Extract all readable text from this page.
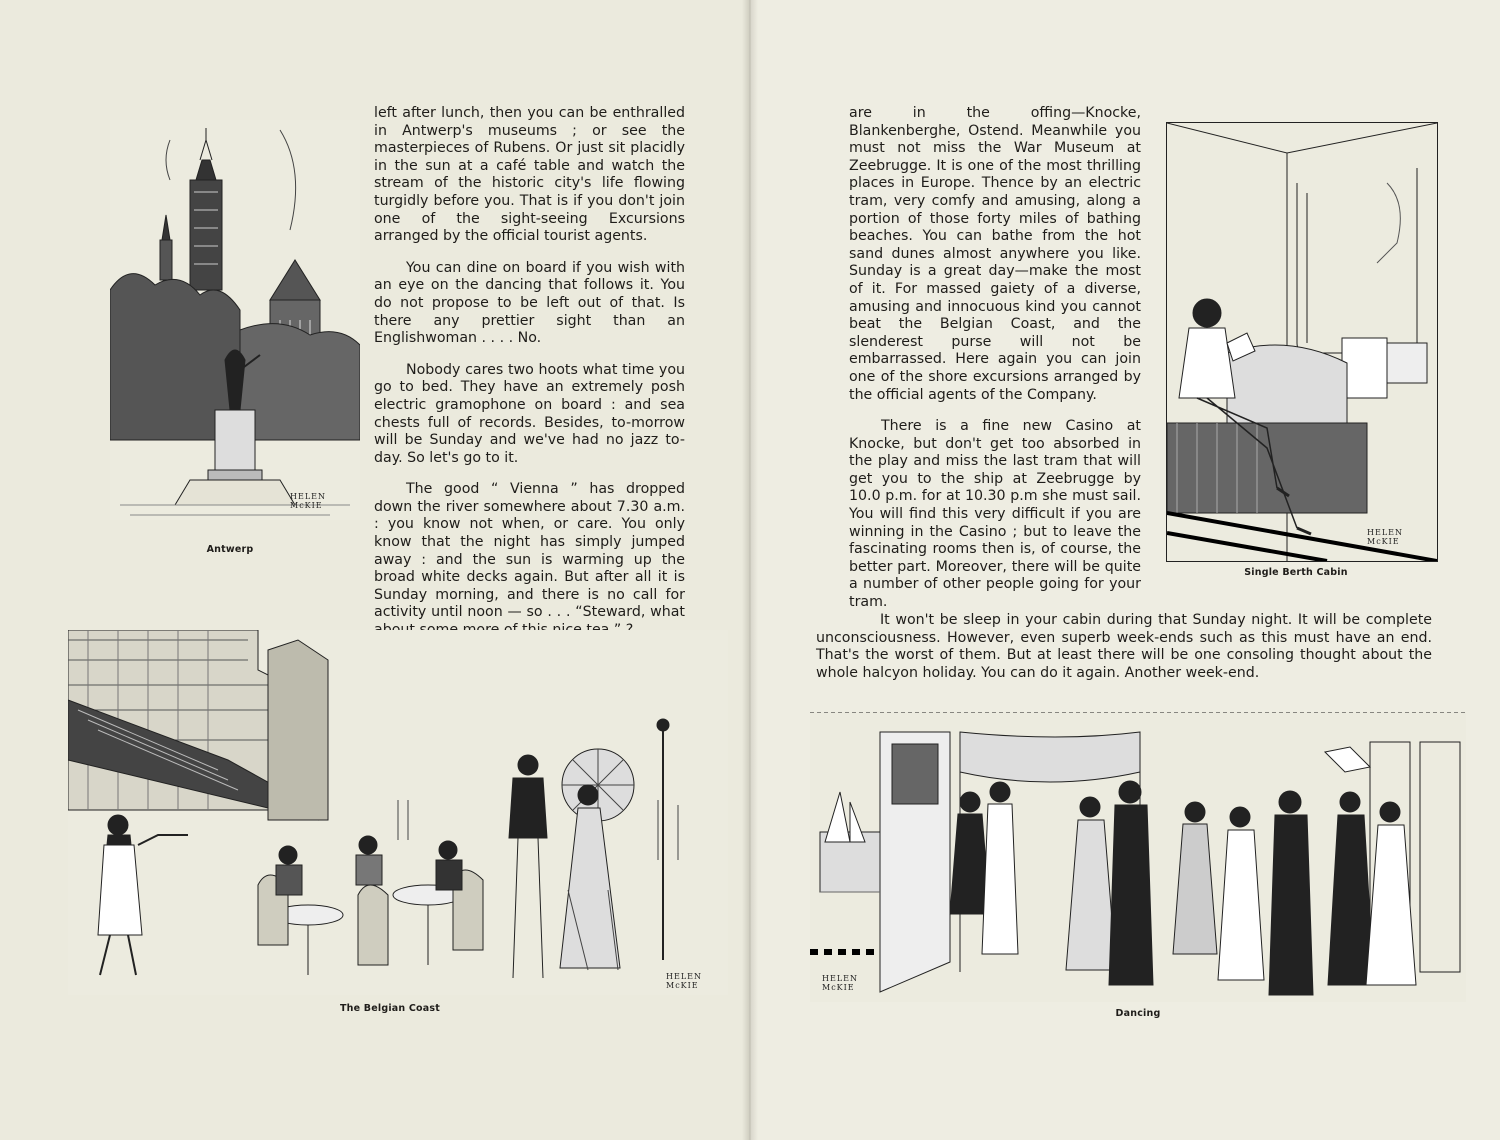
HELEN McKIE
Antwerp

left after lunch, then you can be enthralled in Antwerp's museums ; or see the masterpieces of Rubens. Or just sit placidly in the sun at a café table and watch the stream of the historic city's life flowing turgidly before you. That is if you don't join one of the sight-seeing Excursions arranged by the official tourist agents.

You can dine on board if you wish with an eye on the dancing that follows it. You do not propose to be left out of that. Is there any prettier sight than an Englishwoman . . . . No.

Nobody cares two hoots what time you go to bed. They have an extremely posh electric gramophone on board : and sea chests full of records. Besides, to-morrow will be Sunday and we've had no jazz to-day. So let's go to it.

The good “ Vienna ” has dropped down the river somewhere about 7.30 a.m. : you know not when, or care. You only know that the night has simply jumped away : and the sun is warming up the broad white decks again. But after all it is Sunday morning, and there is no call for activity until noon — so . . . “Steward, what

HELEN McKIE
The Belgian Coast

are in the offing—Knocke, Blankenberghe, Ostend. Meanwhile you must not miss the War Museum at Zeebrugge. It is one of the most thrilling places in Europe. Thence by an electric tram, very comfy and amusing, along a portion of those forty miles of bathing beaches. You can bathe from the hot sand dunes almost anywhere you like. Sunday is a great day—make the most of it. For massed gaiety of a diverse, amusing and innocuous kind you cannot beat the Belgian Coast, and the slenderest purse will not be embarrassed. Here again you can join one of the shore excursions arranged by the official agents of the Company.

There is a fine new Casino at Knocke, but don't get too absorbed in the play and miss the last tram that will get you to the ship at Zeebrugge by 10.0 p.m. for at 10.30 p.m she must sail. You will find this very difficult if you are winning in the Casino ; but to leave the fascinating rooms then is, of course, the better part. Moreover, there will be quite a number of other people going for your tram.

HELEN McKIE
Single Berth Cabin

It won't be sleep in your cabin during that Sunday night. It will be complete unconsciousness. However, even superb week-ends such as this must have an end. That's the worst of them. But at least there will be one consoling thought about the whole halcyon holiday. You can do it again. Another week-end.

HELEN McKIE
Dancing
